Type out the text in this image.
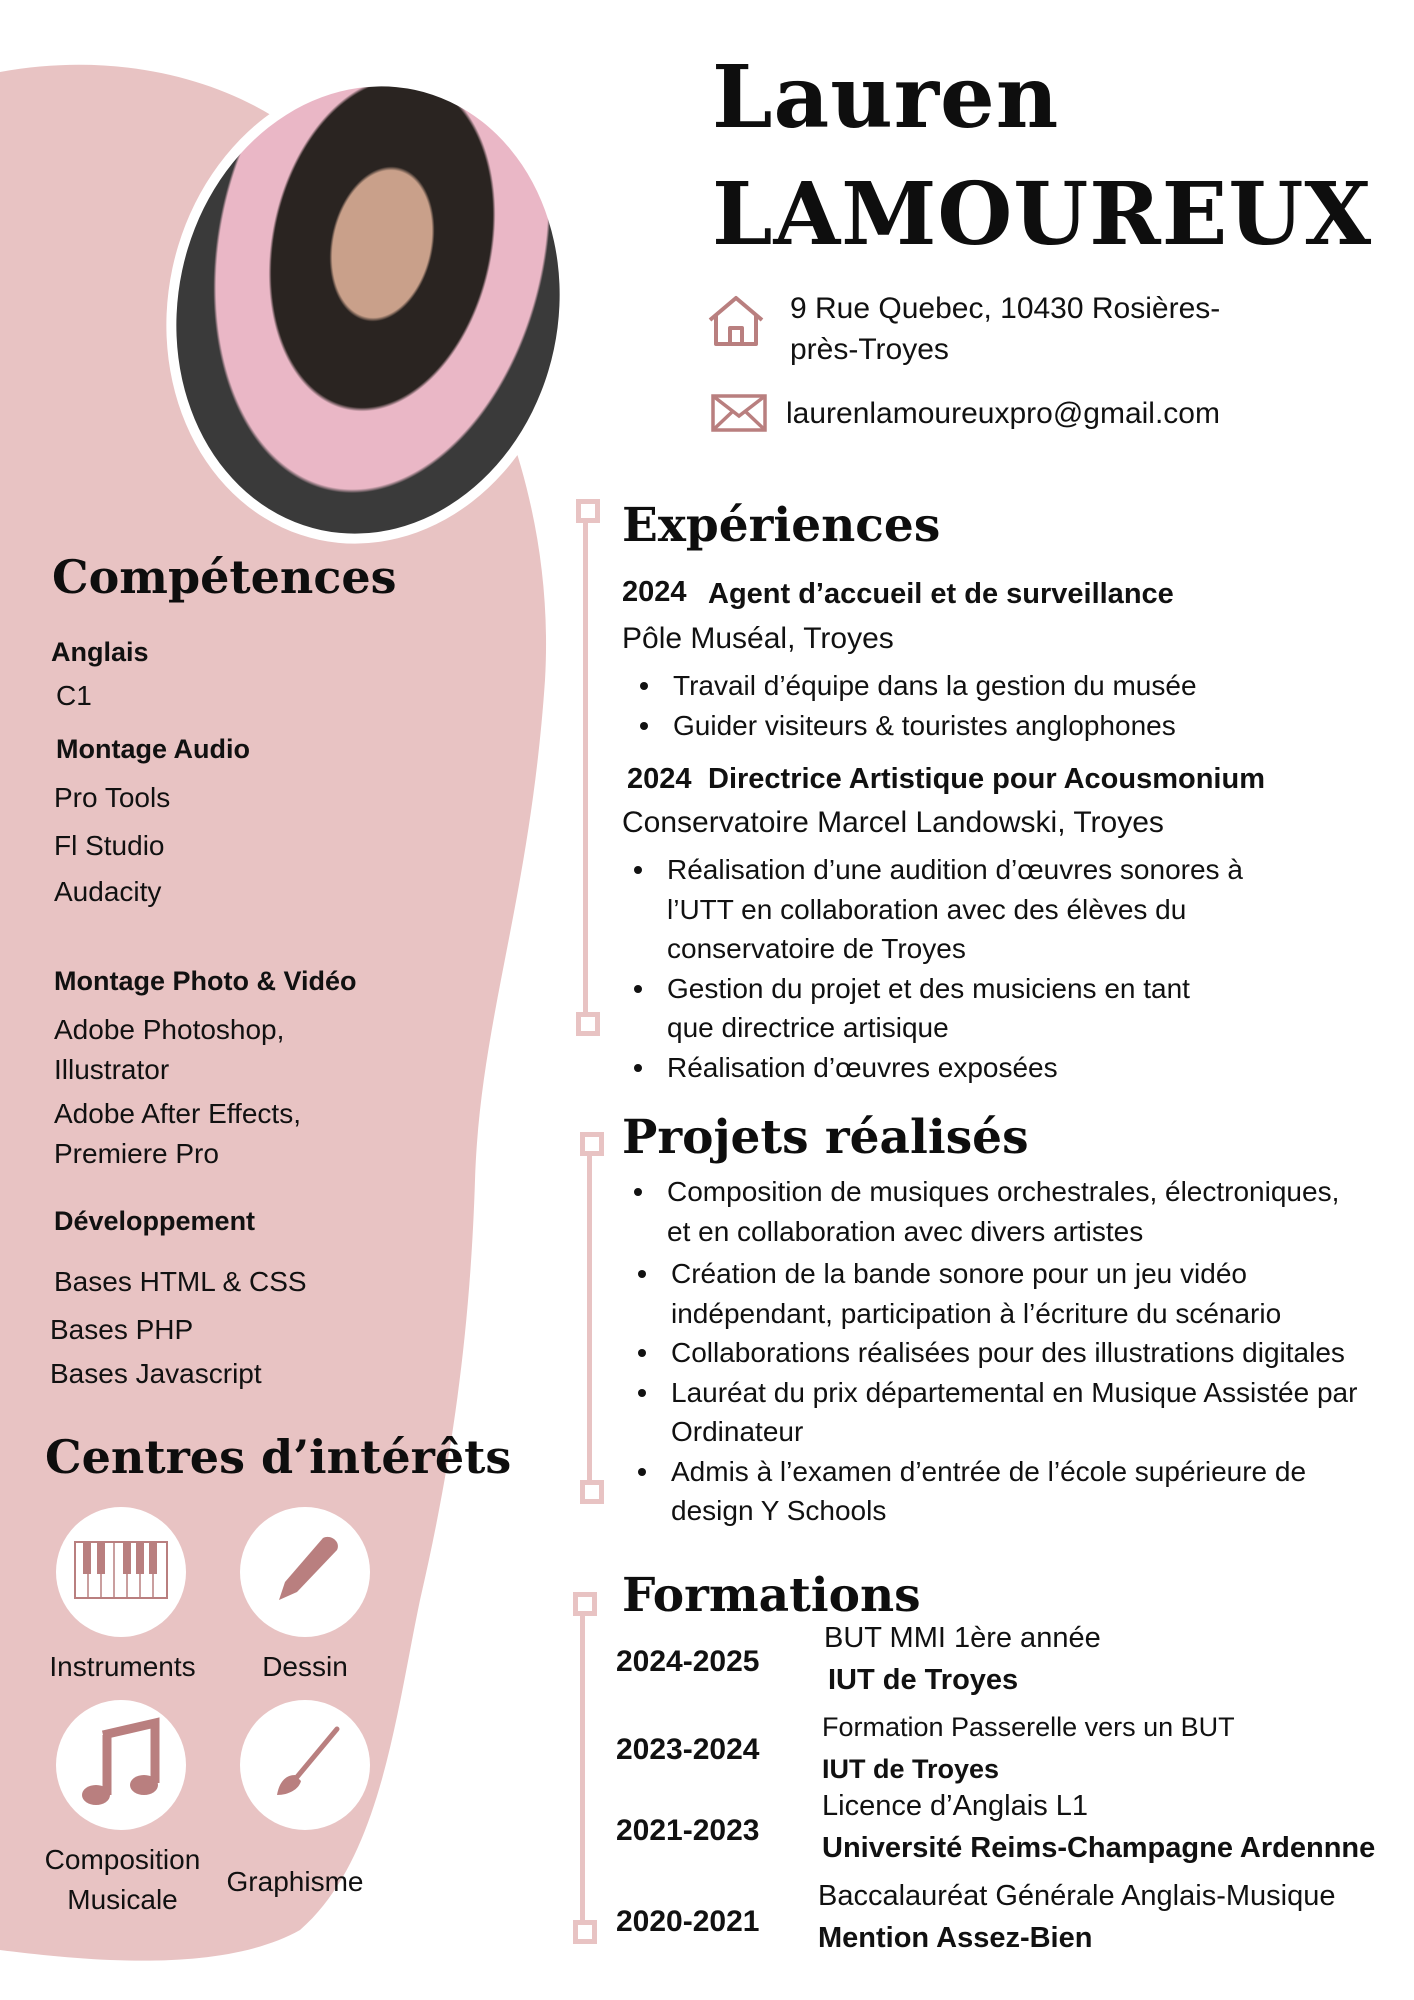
Lauren
LAMOUREUX
9 Rue Quebec, 10430 Rosières-
près-Troyes
laurenlamoureuxpro@gmail.com
Compétences
Anglais
C1
Montage Audio
Pro Tools
Fl Studio
Audacity
Montage Photo & Vidéo
Adobe Photoshop,
Illustrator
Adobe After Effects,
Premiere Pro
Développement
Bases HTML & CSS
Bases PHP
Bases Javascript
Centres d’intérêts
Instruments	Dessin
Composition
Musicale
Graphisme
Expériences
2024 Agent d’accueil et de surveillance
Pôle Muséal, Troyes
Travail d’équipe dans la gestion du musée
Guider visiteurs & touristes anglophones
2024 Directrice Artistique pour Acousmonium
Conservatoire Marcel Landowski, Troyes
Réalisation d’une audition d’œuvres sonores à
l’UTT en collaboration avec des élèves du
conservatoire de Troyes
Gestion du projet et des musiciens en tant
que directrice artisique
Réalisation d’œuvres exposées
Projets réalisés
Composition de musiques orchestrales, électroniques,
et en collaboration avec divers artistes
Création de la bande sonore pour un jeu vidéo
indépendant, participation à l’écriture du scénario
Collaborations réalisées pour des illustrations digitales
Lauréat du prix départemental en Musique Assistée par
Ordinateur
Admis à l’examen d’entrée de l’école supérieure de
design Y Schools
Formations
2024-2025
BUT MMI 1ère année
IUT de Troyes
2023-2024
Formation Passerelle vers un BUT
IUT de Troyes
2021-2023
Licence d’Anglais L1
Université Reims-Champagne Ardennne
2020-2021
Baccalauréat Générale Anglais-Musique
Mention Assez-Bien
